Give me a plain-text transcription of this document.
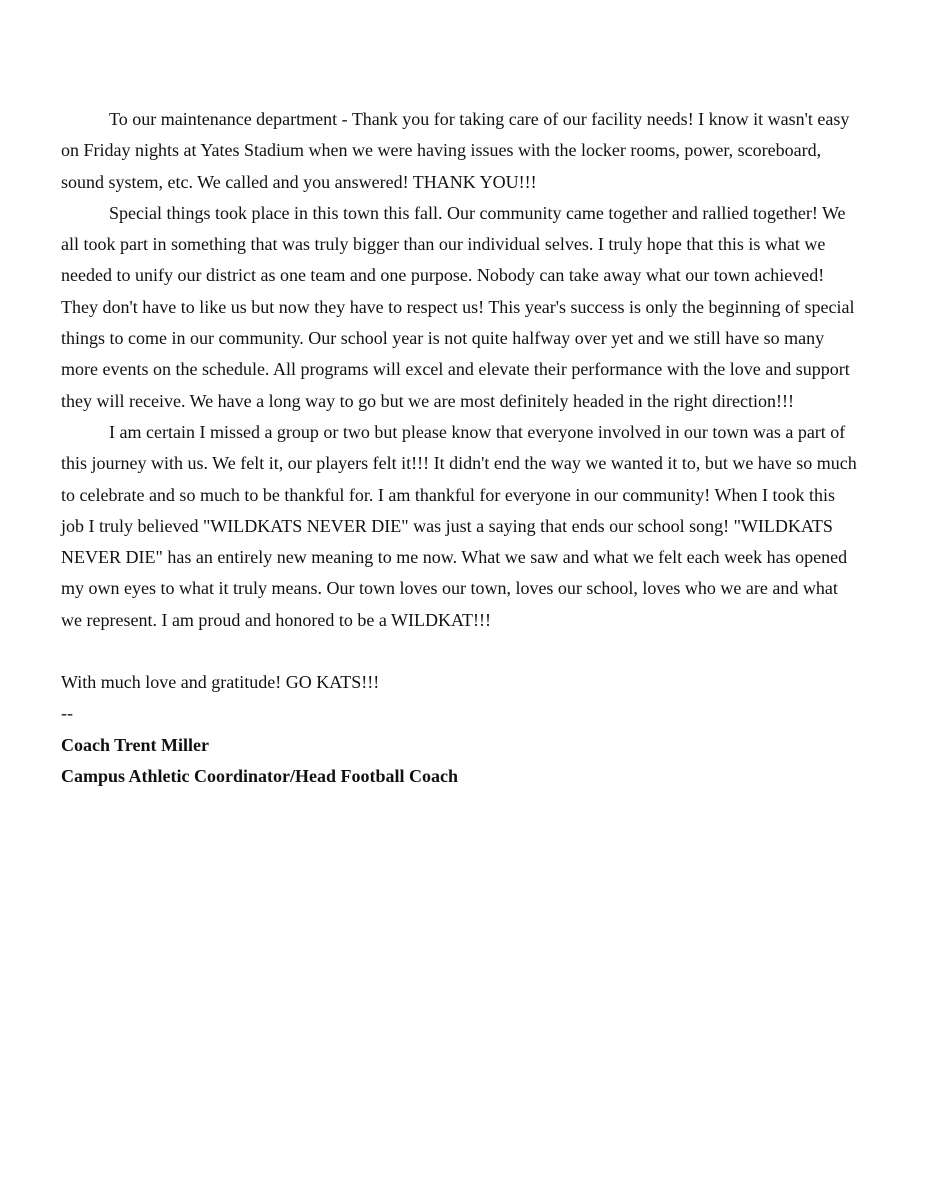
To our maintenance department - Thank you for taking care of our facility needs! I know it wasn't easy on Friday nights at Yates Stadium when we were having issues with the locker rooms, power, scoreboard, sound system, etc. We called and you answered! THANK YOU!!!

Special things took place in this town this fall. Our community came together and rallied together! We all took part in something that was truly bigger than our individual selves. I truly hope that this is what we needed to unify our district as one team and one purpose. Nobody can take away what our town achieved! They don't have to like us but now they have to respect us! This year's success is only the beginning of special things to come in our community. Our school year is not quite halfway over yet and we still have so many more events on the schedule. All programs will excel and elevate their performance with the love and support they will receive. We have a long way to go but we are most definitely headed in the right direction!!!

I am certain I missed a group or two but please know that everyone involved in our town was a part of this journey with us. We felt it, our players felt it!!! It didn't end the way we wanted it to, but we have so much to celebrate and so much to be thankful for. I am thankful for everyone in our community! When I took this job I truly believed "WILDKATS NEVER DIE" was just a saying that ends our school song! "WILDKATS NEVER DIE" has an entirely new meaning to me now. What we saw and what we felt each week has opened my own eyes to what it truly means. Our town loves our town, loves our school, loves who we are and what we represent. I am proud and honored to be a WILDKAT!!!

With much love and gratitude! GO KATS!!!

--

Coach Trent Miller

Campus Athletic Coordinator/Head Football Coach
